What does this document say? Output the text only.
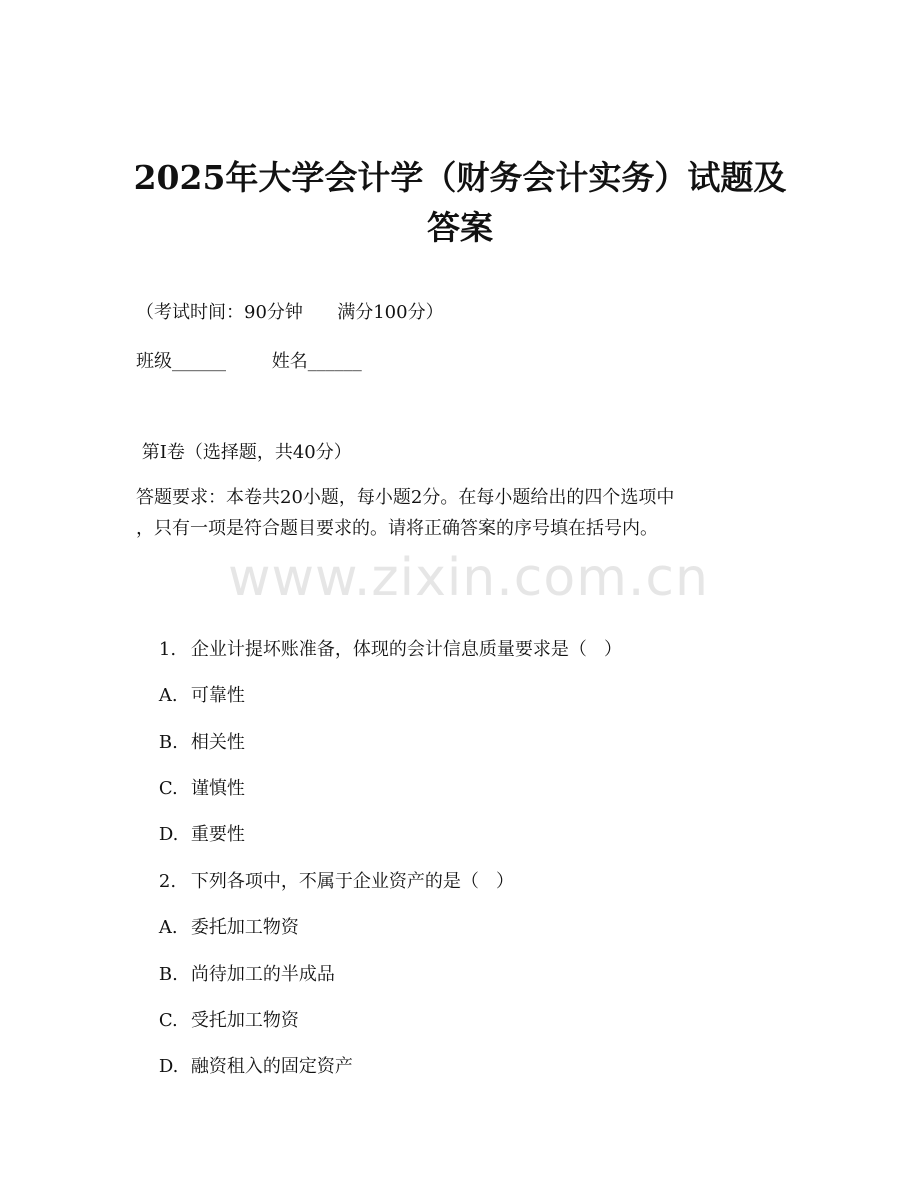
2025年大学会计学（财务会计实务）试题及
答案
（考试时间：90分钟      满分100分）
班级______        姓名______
第I卷（选择题，共40分）
答题要求：本卷共20小题，每小题2分。在每小题给出的四个选项中
，只有一项是符合题目要求的。请将正确答案的序号填在括号内。
www.zixin.com.cn

1. 企业计提坏账准备，体现的会计信息质量要求是（   ）

A. 可靠性

B. 相关性

C. 谨慎性

D. 重要性

2. 下列各项中，不属于企业资产的是（   ）

A. 委托加工物资

B. 尚待加工的半成品

C. 受托加工物资

D. 融资租入的固定资产
